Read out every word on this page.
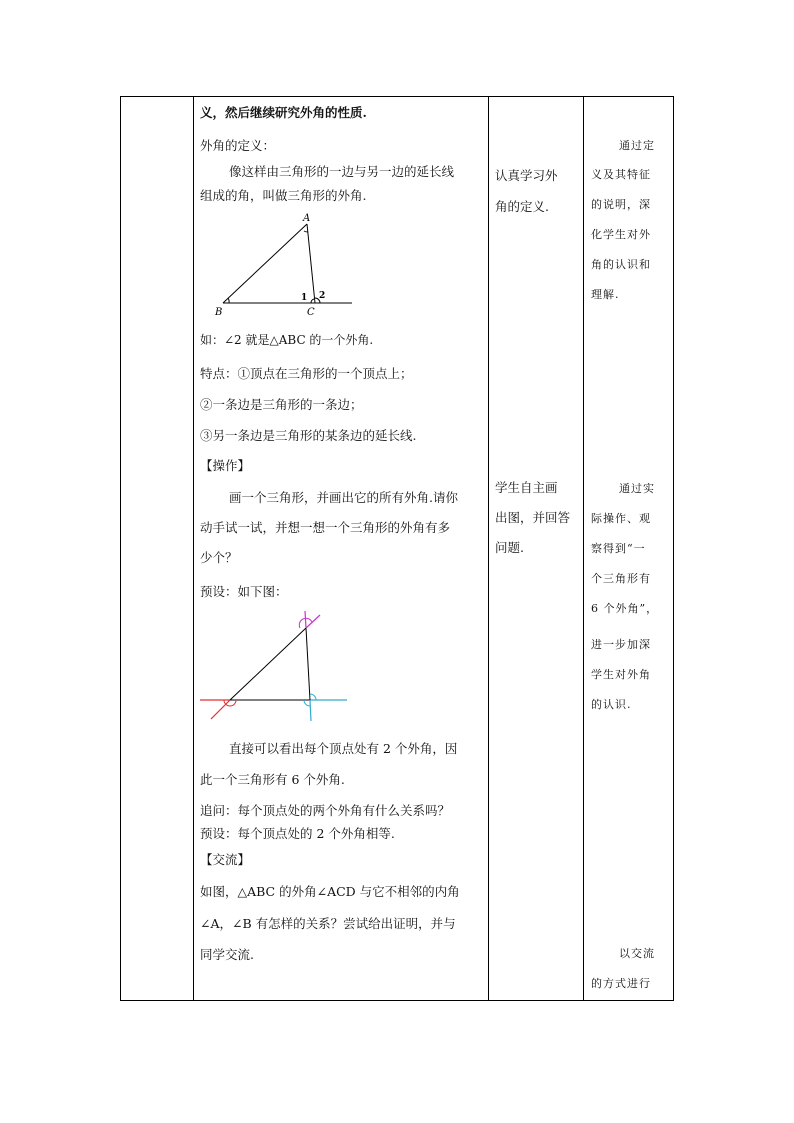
义，然后继续研究外角的性质.
外角的定义：
像这样由三角形的一边与另一边的延长线
组成的角，叫做三角形的外角.
A
B	C
1 2
如：∠2 就是△ABC 的一个外角.
特点：①顶点在三角形的一个顶点上；
②一条边是三角形的一条边；
③另一条边是三角形的某条边的延长线.
【操作】
画一个三角形，并画出它的所有外角.请你
动手试一试，并想一想一个三角形的外角有多
少个？
预设：如下图：
直接可以看出每个顶点处有 2 个外角，因
此一个三角形有 6 个外角.
追问：每个顶点处的两个外角有什么关系吗？
预设：每个顶点处的 2 个外角相等.
【交流】
如图，△ABC 的外角∠ACD 与它不相邻的内角
∠A，∠B 有怎样的关系？尝试给出证明，并与
同学交流.
认真学习外
角的定义.
学生自主画
出图，并回答
问题.
通过定
义及其特征
的说明，深
化学生对外
角的认识和
理解.
通过实
际操作、观
察得到“一
个三角形有
6 个外角”，
进一步加深
学生对外角
的认识.
以交流
的方式进行
